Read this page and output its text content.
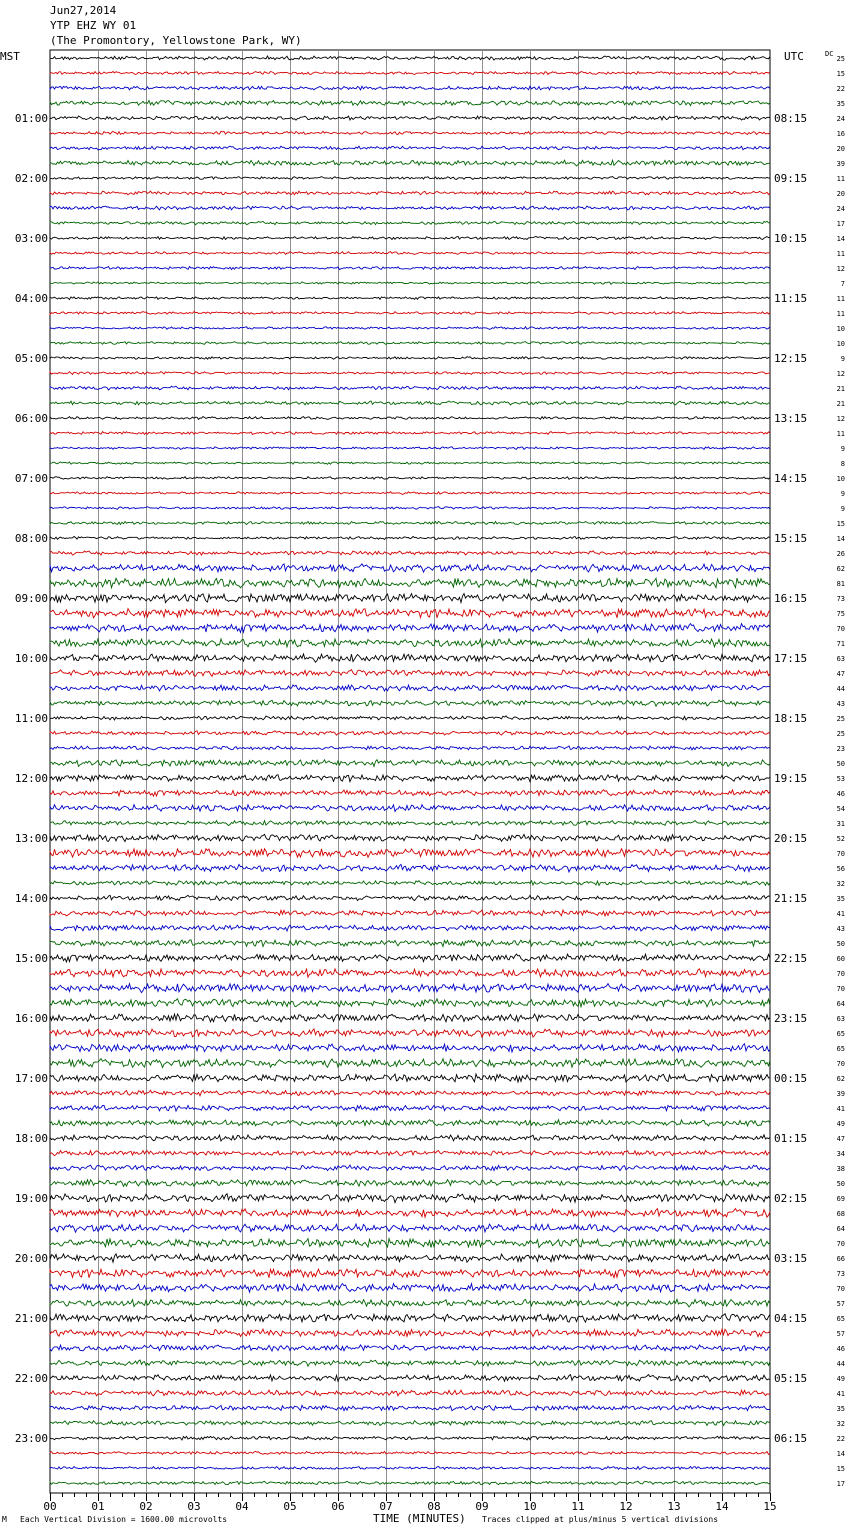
Jun27,2014
YTP EHZ WY 01
(The Promontory, Yellowstone Park, WY)
01:00	08:15
02:00	09:15
03:00	10:15
04:00	11:15
05:00	12:15
06:00	13:15
07:00	14:15
08:00	15:15
09:00	16:15
10:00	17:15
11:00	18:15
12:00	19:15
13:00	20:15
14:00	21:15
15:00	22:15
16:00	23:15
17:00	00:15
18:00	01:15
19:00	02:15
20:00	03:15
21:00	04:15
22:00	05:15
23:00	06:15
MST	UTC	DC
25
15
22
35
24
16
20
39
11
20
24
17
14
11
12
7
11
11
10
10
9
12
21
21
12
11
9
8
10
9
9
15
14
26
62
81
73
75
70
71
63
47
44
43
25
25
23
50
53
46
54
31
52
70
56
32
35
41
43
50
60
70
70
64
63
65
65
70
62
39
41
49
47
34
38
50
69
68
64
70
66
73
70
57
65
57
46
44
49
41
35
32
22
14
15
17
00	01	02	03	04	05	06	07	08	09	10	11	12	13	14	15
M Each Vertical Division = 1600.00 microvolts	TIME (MINUTES) Traces clipped at plus/minus 5 vertical divisions
